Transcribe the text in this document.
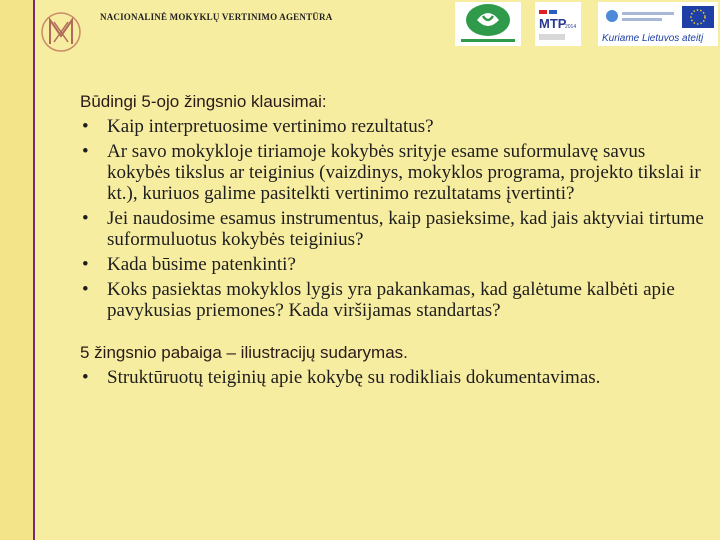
NACIONALINĖ MOKYKLŲ VERTINIMO AGENTŪRA	MTP
2014
Kuriame Lietuvos ateitį
Būdingi 5-ojo žingsnio klausimai:
• Kaip interpretuosime vertinimo rezultatus?
• Ar savo mokykloje tiriamoje kokybės srityje esame suformulavę savus kokybės tikslus ar teiginius (vaizdinys, mokyklos programa, projekto tikslai ir kt.), kuriuos galime pasitelkti vertinimo rezultatams įvertinti?
• Jei naudosime esamus instrumentus, kaip pasieksime, kad jais aktyviai tirtume suformuluotus kokybės teiginius?
• Kada būsime patenkinti?
• Koks pasiektas mokyklos lygis yra pakankamas, kad galėtume kalbėti apie pavykusias priemones? Kada viršijamas standartas?
5 žingsnio pabaiga – iliustracijų sudarymas.
• Struktūruotų teiginių apie kokybę su rodikliais dokumentavimas.
